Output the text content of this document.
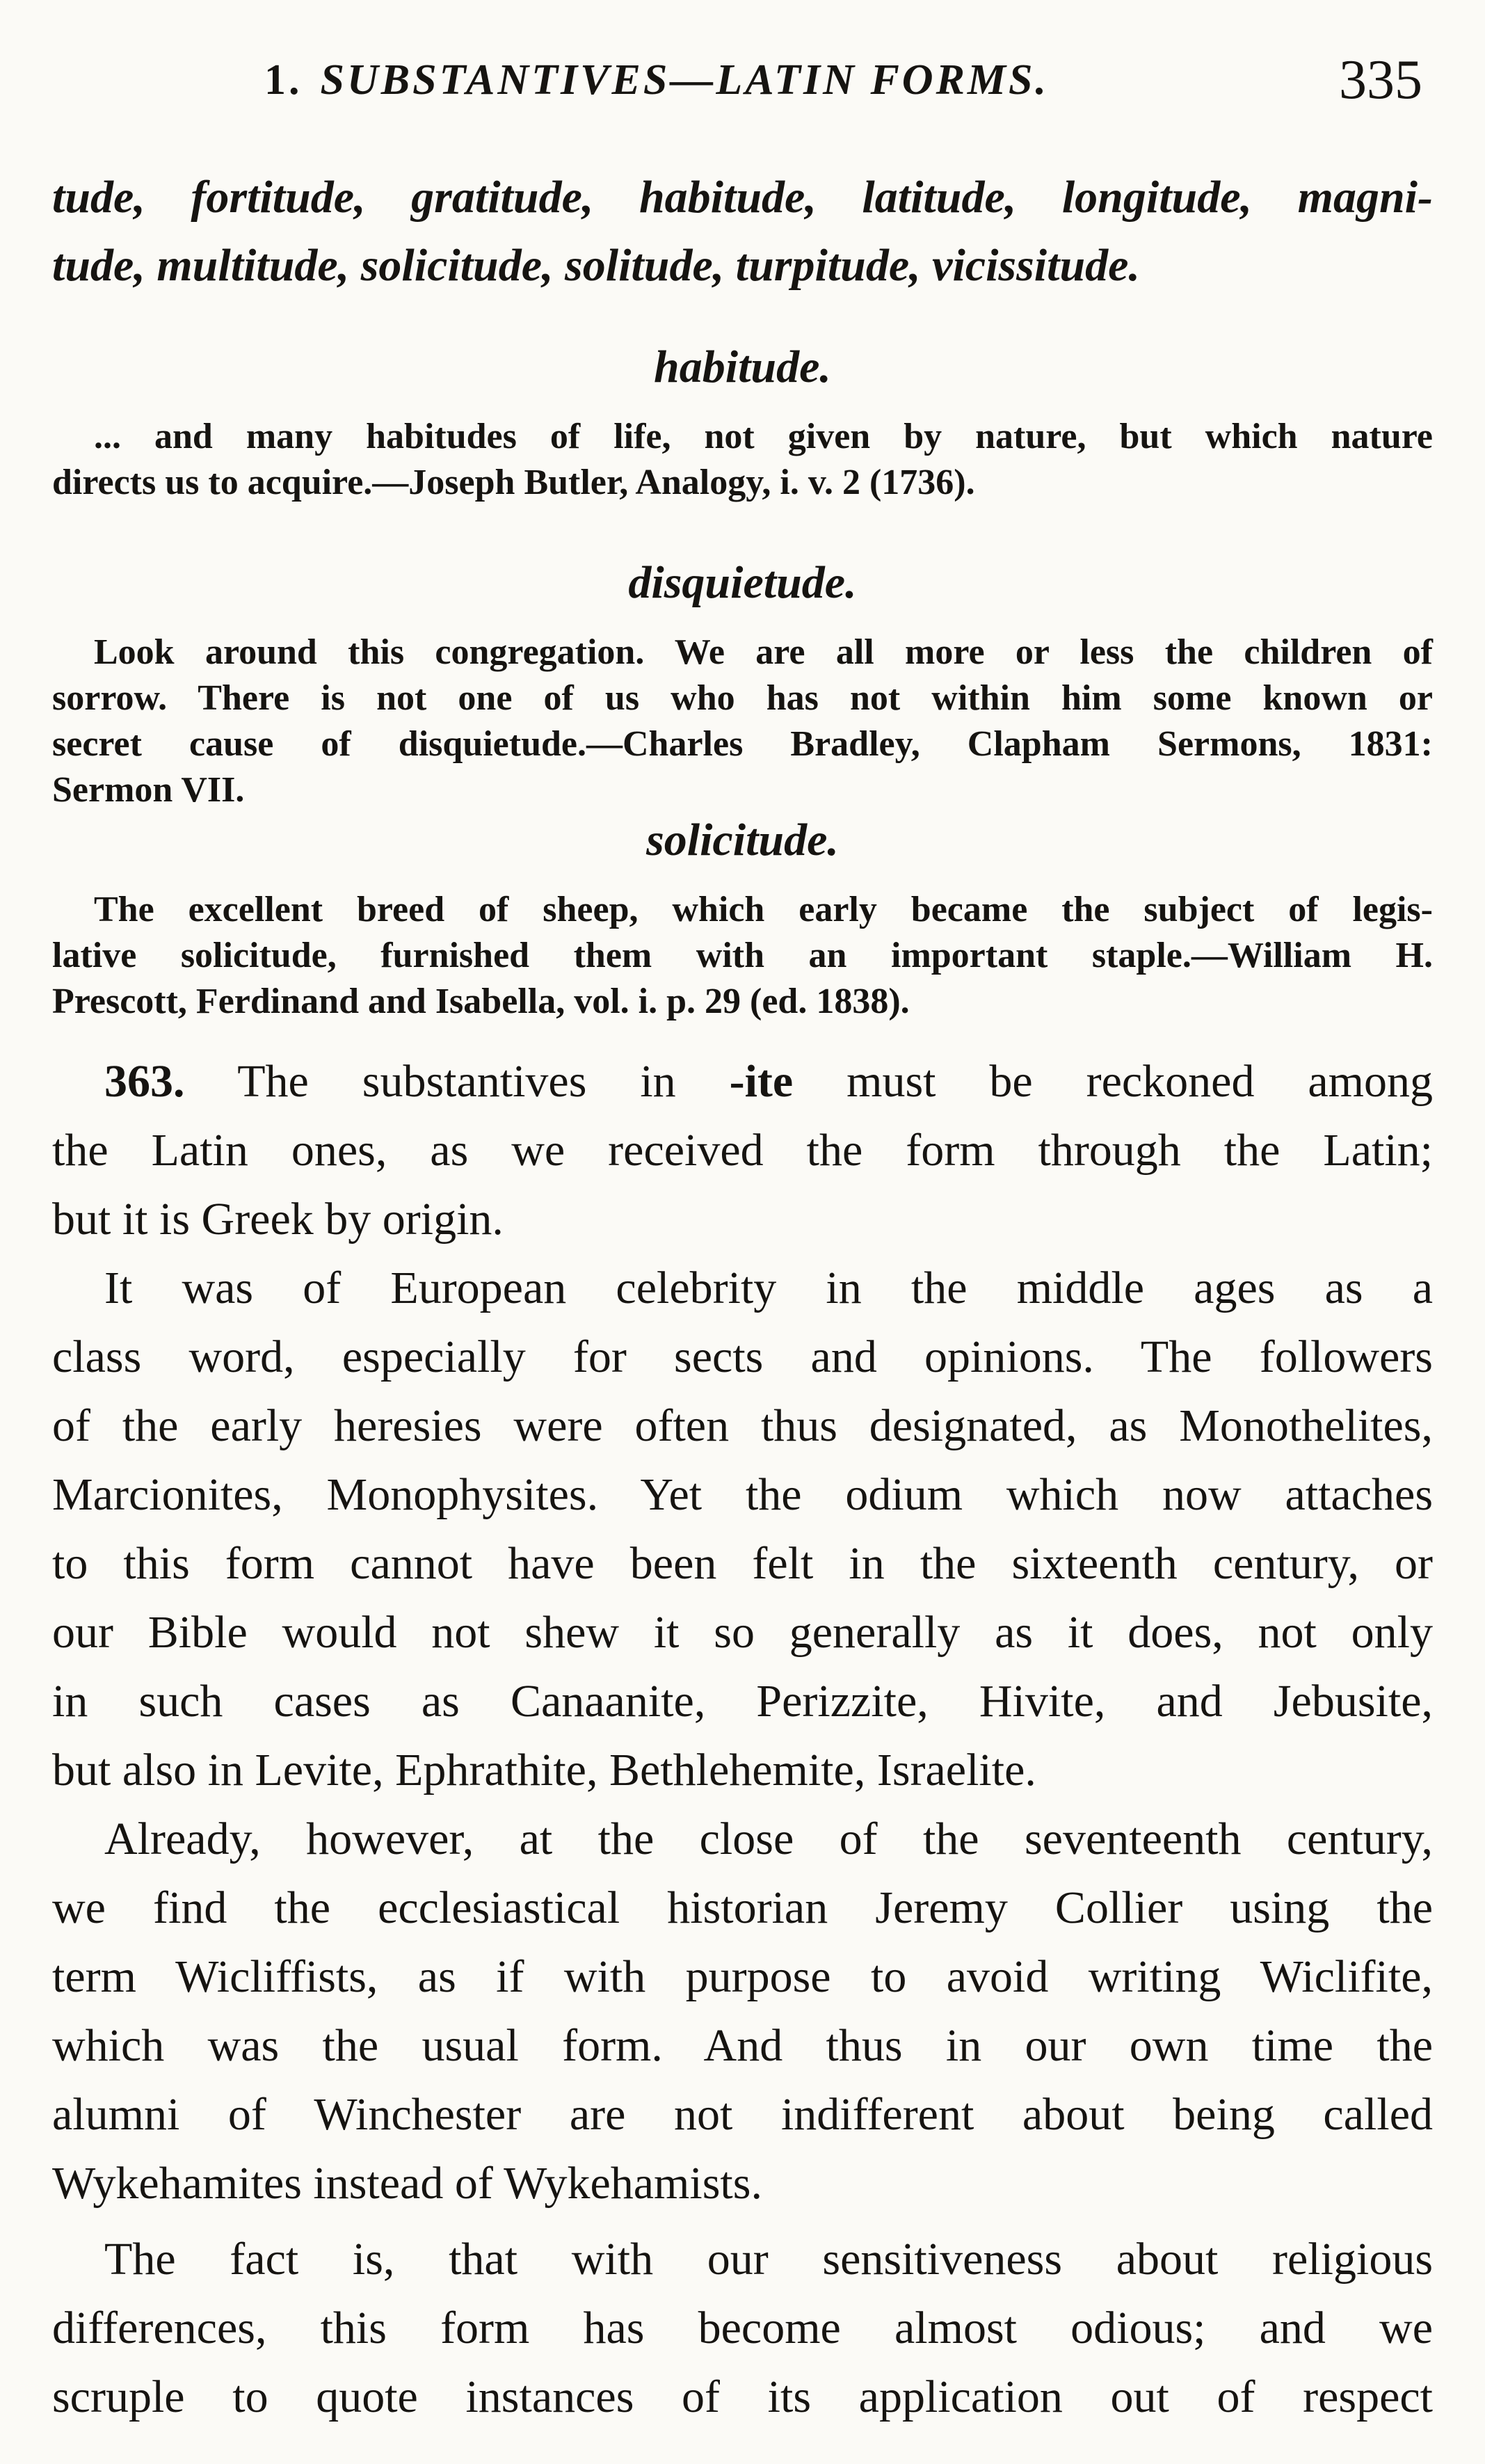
1. SUBSTANTIVES—LATIN FORMS.	335
tude, fortitude, gratitude, habitude, latitude, longitude, magni-
tude, multitude, solicitude, solitude, turpitude, vicissitude.
habitude.
... and many habitudes of life, not given by nature, but which nature
directs us to acquire.—Joseph Butler, Analogy, i. v. 2 (1736).
disquietude.
Look around this congregation. We are all more or less the children of
sorrow. There is not one of us who has not within him some known or
secret cause of disquietude.—Charles Bradley, Clapham Sermons, 1831:
Sermon VII.
solicitude.
The excellent breed of sheep, which early became the subject of legis-
lative solicitude, furnished them with an important staple.—William H.
Prescott, Ferdinand and Isabella, vol. i. p. 29 (ed. 1838).
363. The substantives in -ite must be reckoned among
the Latin ones, as we received the form through the Latin;
but it is Greek by origin.
It was of European celebrity in the middle ages as a
class word, especially for sects and opinions. The followers
of the early heresies were often thus designated, as Monothelites,
Marcionites, Monophysites. Yet the odium which now attaches
to this form cannot have been felt in the sixteenth century, or
our Bible would not shew it so generally as it does, not only
in such cases as Canaanite, Perizzite, Hivite, and Jebusite,
but also in Levite, Ephrathite, Bethlehemite, Israelite.
Already, however, at the close of the seventeenth century,
we find the ecclesiastical historian Jeremy Collier using the
term Wicliffists, as if with purpose to avoid writing Wiclifite,
which was the usual form. And thus in our own time the
alumni of Winchester are not indifferent about being called
Wykehamites instead of Wykehamists.
The fact is, that with our sensitiveness about religious
differences, this form has become almost odious; and we
scruple to quote instances of its application out of respect
